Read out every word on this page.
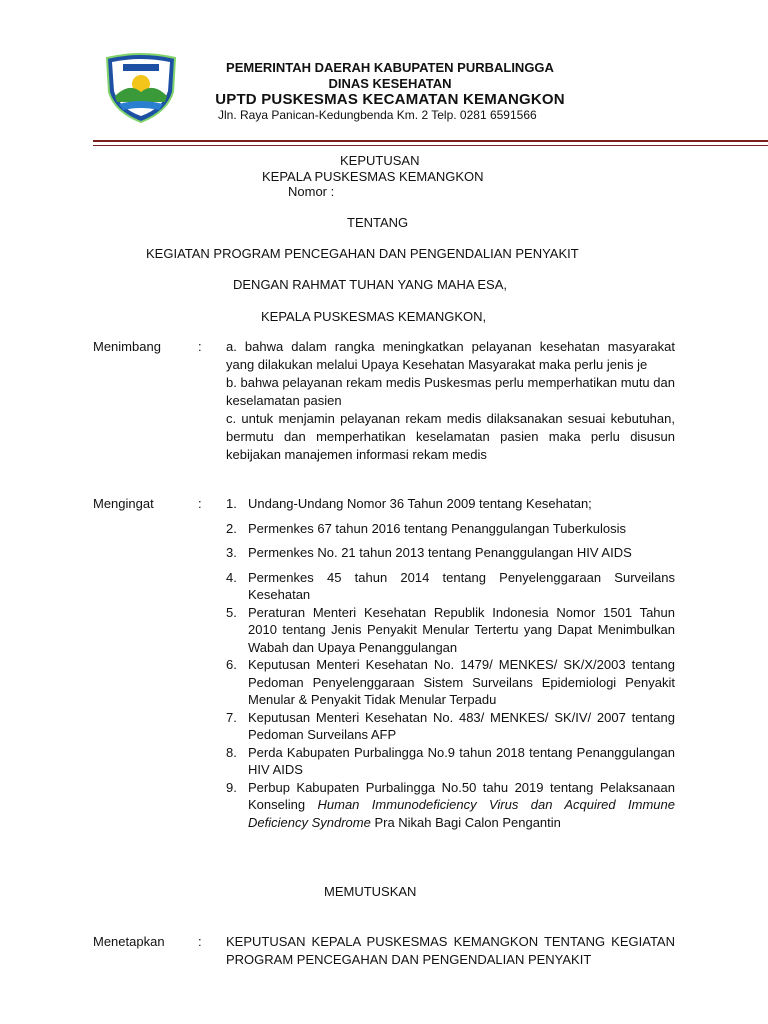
PEMERINTAH DAERAH KABUPATEN PURBALINGGA
DINAS KESEHATAN
UPTD PUSKESMAS KECAMATAN KEMANGKON
Jln. Raya Panican-Kedungbenda Km. 2 Telp. 0281 6591566
KEPUTUSAN
KEPALA PUSKESMAS KEMANGKON
Nomor :
TENTANG
KEGIATAN PROGRAM PENCEGAHAN DAN PENGENDALIAN PENYAKIT
DENGAN RAHMAT TUHAN YANG MAHA ESA,
KEPALA PUSKESMAS KEMANGKON,
Menimbang	: a. bahwa dalam rangka meningkatkan pelayanan kesehatan masyarakat yang dilakukan melalui Upaya Kesehatan Masyarakat maka perlu jenis je

b. bahwa pelayanan rekam medis Puskesmas perlu memperhatikan mutu dan keselamatan pasien

c. untuk menjamin pelayanan rekam medis dilaksanakan sesuai kebutuhan, bermutu dan memperhatikan keselamatan pasien maka perlu disusun kebijakan manajemen informasi rekam medis

Mengingat	: 1. Undang-Undang Nomor 36 Tahun 2009 tentang Kesehatan;
2. Permenkes 67 tahun 2016 tentang Penanggulangan Tuberkulosis
3. Permenkes No. 21 tahun 2013 tentang Penanggulangan HIV AIDS
4. Permenkes 45 tahun 2014 tentang Penyelenggaraan Surveilans Kesehatan
5. Peraturan Menteri Kesehatan Republik Indonesia Nomor 1501 Tahun 2010 tentang Jenis Penyakit Menular Tertertu yang Dapat Menimbulkan Wabah dan Upaya Penanggulangan
6. Keputusan Menteri Kesehatan No. 1479/ MENKES/ SK/X/2003 tentang Pedoman Penyelenggaraan Sistem Surveilans Epidemiologi Penyakit Menular & Penyakit Tidak Menular Terpadu
7. Keputusan Menteri Kesehatan No. 483/ MENKES/ SK/IV/ 2007 tentang Pedoman Surveilans AFP
8. Perda Kabupaten Purbalingga No.9 tahun 2018 tentang Penanggulangan HIV AIDS
9. Perbup Kabupaten Purbalingga No.50 tahu 2019 tentang Pelaksanaan Konseling Human Immunodeficiency Virus dan Acquired Immune Deficiency Syndrome Pra Nikah Bagi Calon Pengantin
MEMUTUSKAN
Menetapkan	: KEPUTUSAN KEPALA PUSKESMAS KEMANGKON TENTANG KEGIATAN PROGRAM PENCEGAHAN DAN PENGENDALIAN PENYAKIT
